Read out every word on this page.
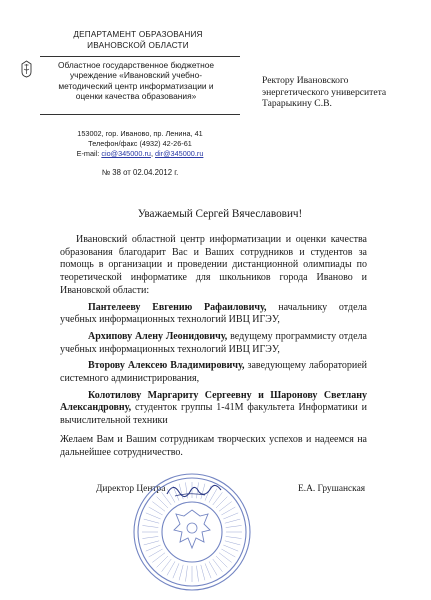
ДЕПАРТАМЕНТ ОБРАЗОВАНИЯ
ИВАНОВСКОЙ ОБЛАСТИ
Областное государственное бюджетное
учреждение «Ивановский учебно-
методический центр информатизации и
оценки качества образования»
153002, гор. Иваново, пр. Ленина, 41
Телефон/факс (4932) 42-26-61
E-mail: cio@345000.ru, dir@345000.ru
№ 38 от 02.04.2012 г.
Ректору Ивановского
энергетического университета
Тарарыкину С.В.
Уважаемый Сергей Вячеславович!

Ивановский областной центр информатизации и оценки качества образования благодарит Вас и Ваших сотрудников и студентов за помощь в организации и проведении дистанционной олимпиады по теоретической информатике для школьников города Иваново и Ивановской области:

Пантелееву Евгению Рафаиловичу, начальнику отдела учебных информационных технологий ИВЦ ИГЭУ,

Архипову Алену Леонидовичу, ведущему программисту отдела учебных информационных технологий ИВЦ ИГЭУ,

Второву Алексею Владимировичу, заведующему лабораторией системного администрирования,

Колотилову Маргариту Сергеевну и Шаронову Светлану Александровну, студенток группы 1-41М факультета Информатики и вычислительной техники

Желаем Вам и Вашим сотрудникам творческих успехов и надеемся на дальнейшее сотрудничество.

Директор Центра	Е.А. Грушанская
